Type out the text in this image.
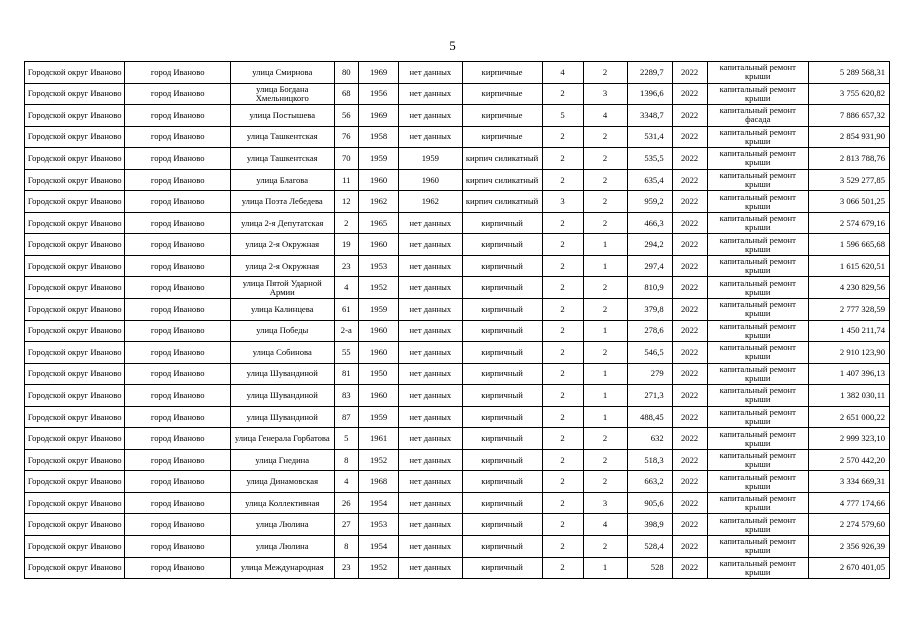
5
Городской округ Иваново	город Иваново	улица Смирнова	80	1969	нет данных	кирпичные	4	2	2289,7	2022	капитальный ремонт крыши	5 289 568,31
Городской округ Иваново	город Иваново	улица Богдана Хмельницкого	68	1956	нет данных	кирпичные	2	3	1396,6	2022	капитальный ремонт крыши	3 755 620,82
Городской округ Иваново	город Иваново	улица Постышева	56	1969	нет данных	кирпичные	5	4	3348,7	2022	капитальный ремонт фасада	7 886 657,32
Городской округ Иваново	город Иваново	улица Ташкентская	76	1958	нет данных	кирпичные	2	2	531,4	2022	капитальный ремонт крыши	2 854 931,90
Городской округ Иваново	город Иваново	улица Ташкентская	70	1959	1959	кирпич силикатный	2	2	535,5	2022	капитальный ремонт крыши	2 813 788,76
Городской округ Иваново	город Иваново	улица Благова	11	1960	1960	кирпич силикатный	2	2	635,4	2022	капитальный ремонт крыши	3 529 277,85
Городской округ Иваново	город Иваново	улица Поэта Лебедева	12	1962	1962	кирпич силикатный	3	2	959,2	2022	капитальный ремонт крыши	3 066 501,25
Городской округ Иваново	город Иваново	улица 2-я Депутатская	2	1965	нет данных	кирпичный	2	2	466,3	2022	капитальный ремонт крыши	2 574 679,16
Городской округ Иваново	город Иваново	улица 2-я Окружная	19	1960	нет данных	кирпичный	2	1	294,2	2022	капитальный ремонт крыши	1 596 665,68
Городской округ Иваново	город Иваново	улица 2-я Окружная	23	1953	нет данных	кирпичный	2	1	297,4	2022	капитальный ремонт крыши	1 615 620,51
Городской округ Иваново	город Иваново	улица Пятой Ударной Армии	4	1952	нет данных	кирпичный	2	2	810,9	2022	капитальный ремонт крыши	4 230 829,56
Городской округ Иваново	город Иваново	улица Калинцева	61	1959	нет данных	кирпичный	2	2	379,8	2022	капитальный ремонт крыши	2 777 328,59
Городской округ Иваново	город Иваново	улица Победы	2-а	1960	нет данных	кирпичный	2	1	278,6	2022	капитальный ремонт крыши	1 450 211,74
Городской округ Иваново	город Иваново	улица Собинова	55	1960	нет данных	кирпичный	2	2	546,5	2022	капитальный ремонт крыши	2 910 123,90
Городской округ Иваново	город Иваново	улица Шувандиной	81	1950	нет данных	кирпичный	2	1	279	2022	капитальный ремонт крыши	1 407 396,13
Городской округ Иваново	город Иваново	улица Шувандиной	83	1960	нет данных	кирпичный	2	1	271,3	2022	капитальный ремонт крыши	1 382 030,11
Городской округ Иваново	город Иваново	улица Шувандиной	87	1959	нет данных	кирпичный	2	1	488,45	2022	капитальный ремонт крыши	2 651 000,22
Городской округ Иваново	город Иваново	улица Генерала Горбатова	5	1961	нет данных	кирпичный	2	2	632	2022	капитальный ремонт крыши	2 999 323,10
Городской округ Иваново	город Иваново	улица Гнедина	8	1952	нет данных	кирпичный	2	2	518,3	2022	капитальный ремонт крыши	2 570 442,20
Городской округ Иваново	город Иваново	улица Динамовская	4	1968	нет данных	кирпичный	2	2	663,2	2022	капитальный ремонт крыши	3 334 669,31
Городской округ Иваново	город Иваново	улица Коллективная	26	1954	нет данных	кирпичный	2	3	905,6	2022	капитальный ремонт крыши	4 777 174,66
Городской округ Иваново	город Иваново	улица Люлина	27	1953	нет данных	кирпичный	2	4	398,9	2022	капитальный ремонт крыши	2 274 579,60
Городской округ Иваново	город Иваново	улица Люлина	8	1954	нет данных	кирпичный	2	2	528,4	2022	капитальный ремонт крыши	2 356 926,39
Городской округ Иваново	город Иваново	улица Международная	23	1952	нет данных	кирпичный	2	1	528	2022	капитальный ремонт крыши	2 670 401,05
